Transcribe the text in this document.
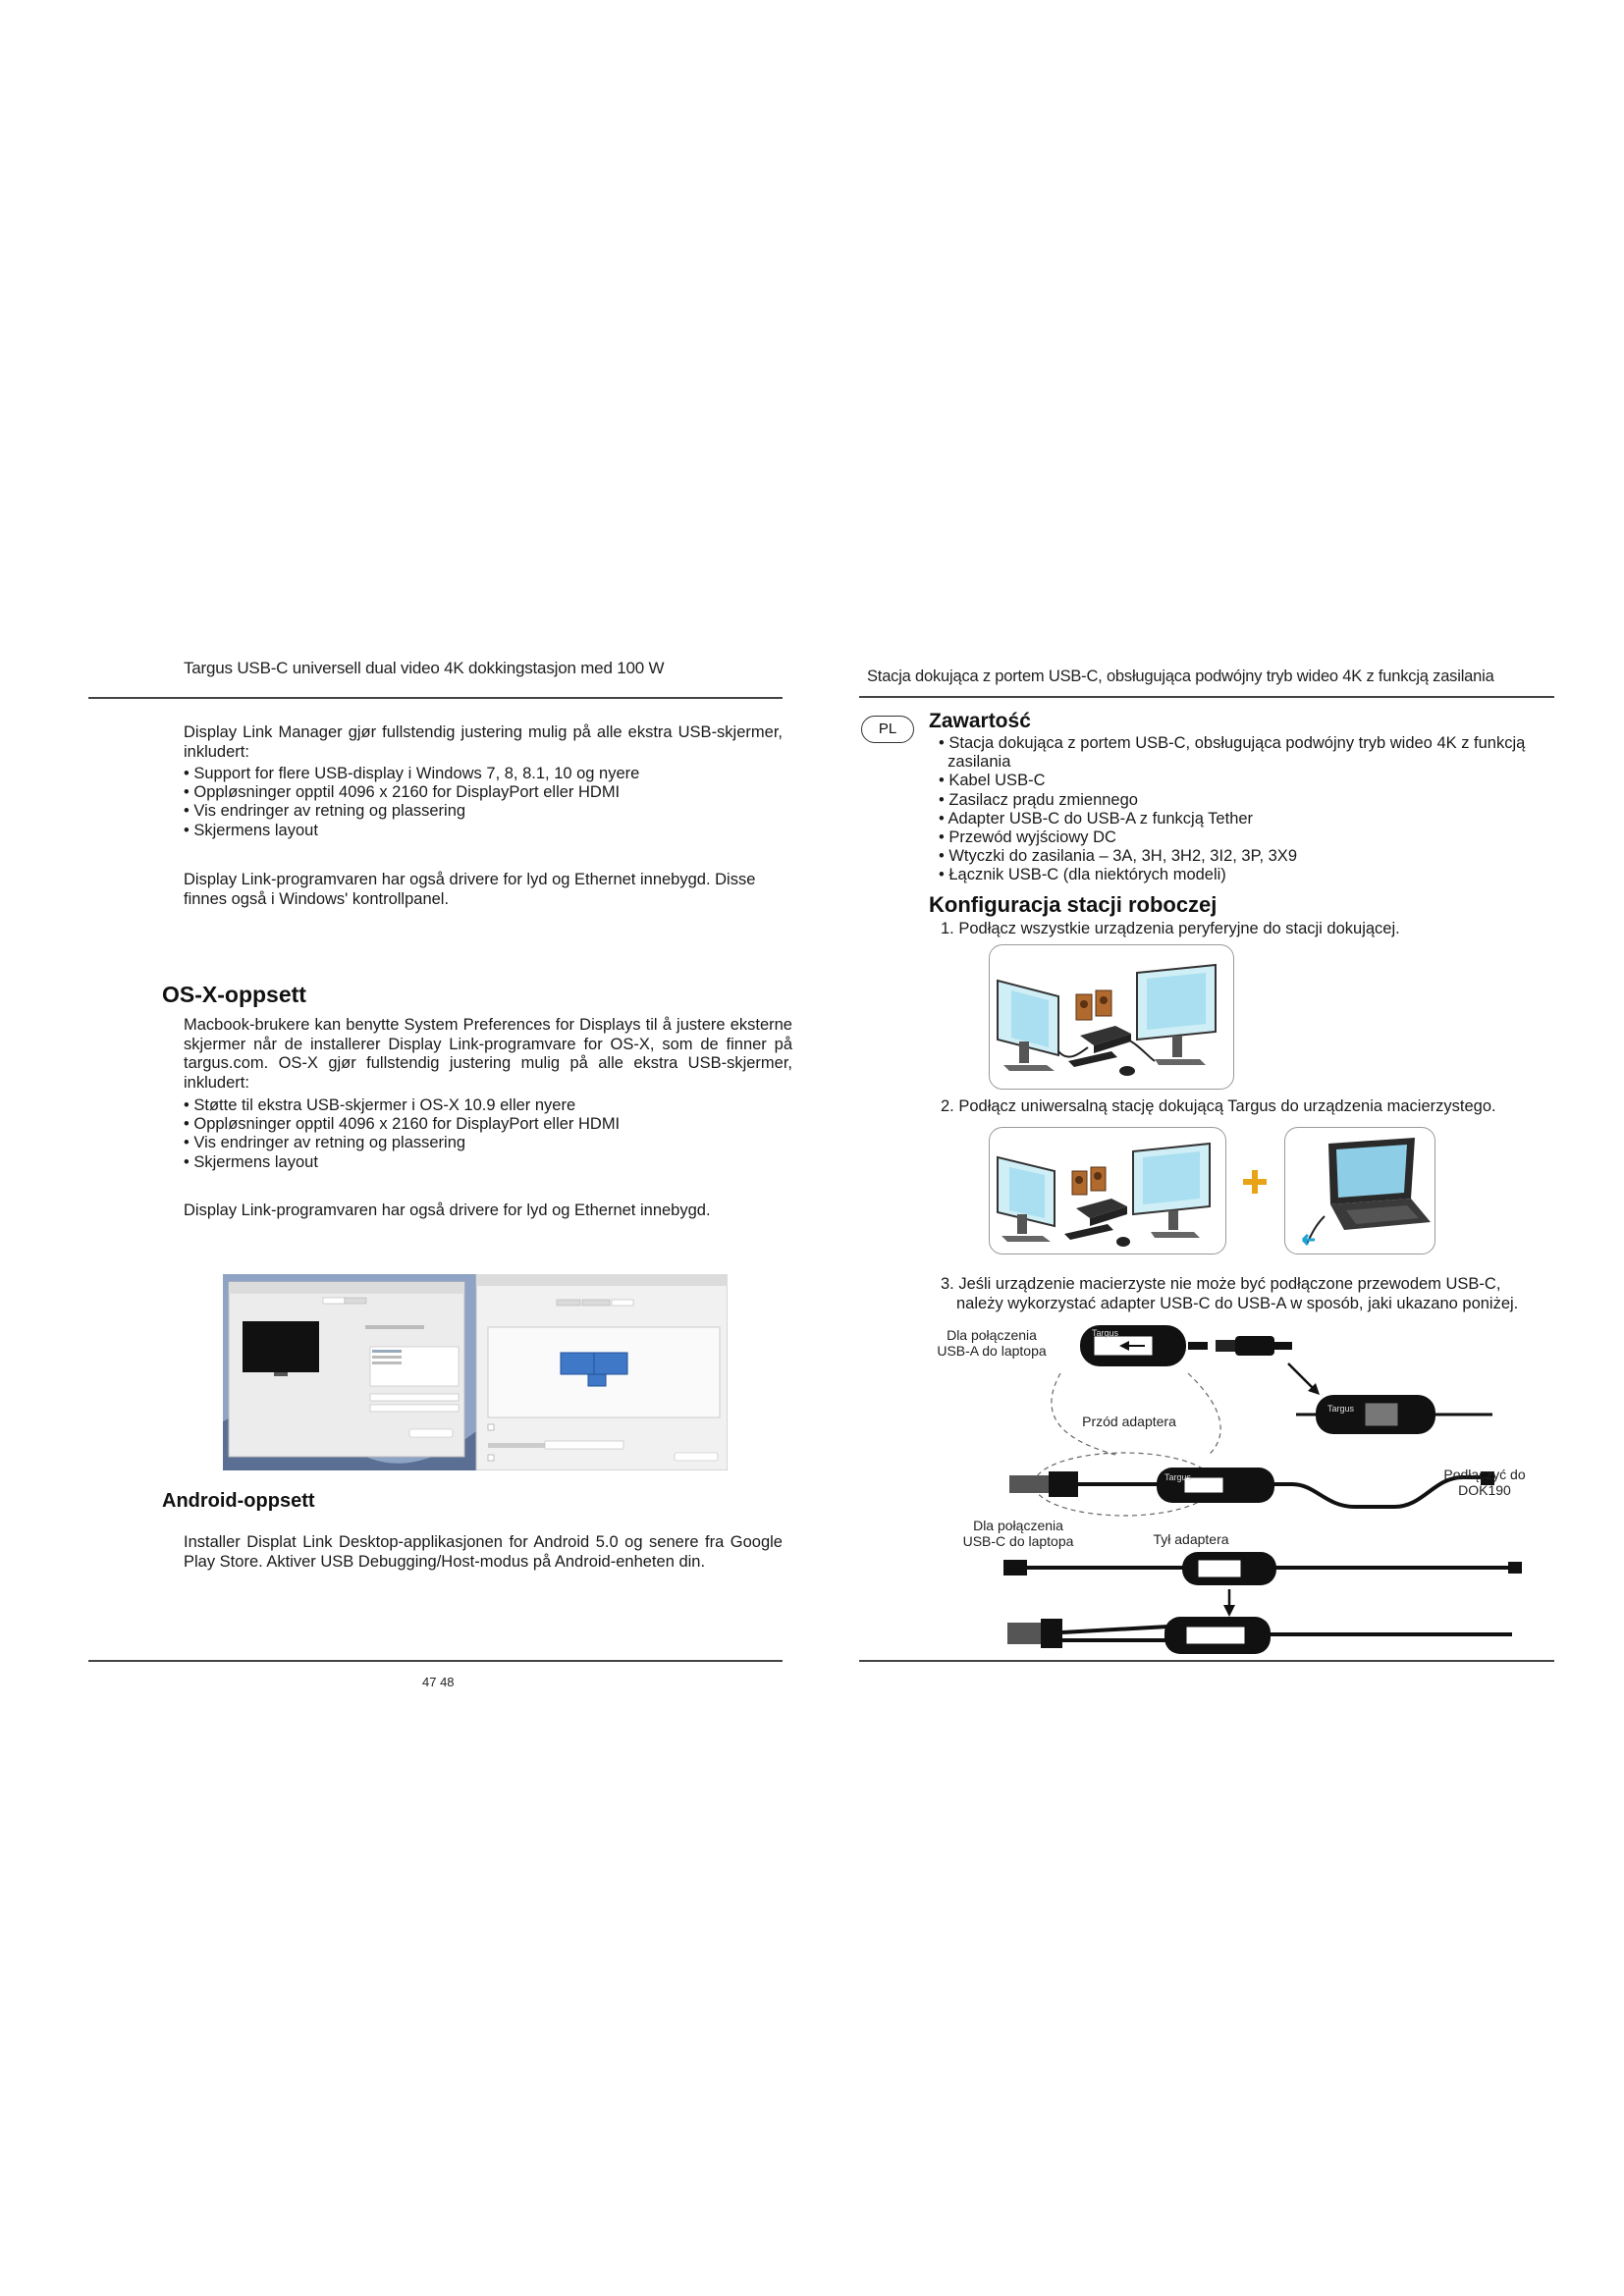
Targus USB-C universell dual video 4K dokkingstasjon med 100 W
Display Link Manager gjør fullstendig justering mulig på alle ekstra USB-skjermer, inkludert:
• Support for flere USB-display i Windows 7, 8, 8.1, 10 og nyere
• Oppløsninger opptil 4096 x 2160 for DisplayPort eller HDMI
• Vis endringer av retning og plassering
• Skjermens layout
Display Link-programvaren har også drivere for lyd og Ethernet innebygd. Disse finnes også i Windows' kontrollpanel.
OS-X-oppsett
Macbook-brukere kan benytte System Preferences for Displays til å justere eksterne skjermer når de installerer Display Link-programvare for OS-X, som de finner på targus.com. OS-X gjør fullstendig justering mulig på alle ekstra USB-skjermer, inkludert:
• Støtte til ekstra USB-skjermer i OS-X 10.9 eller nyere
• Oppløsninger opptil 4096 x 2160 for DisplayPort eller HDMI
• Vis endringer av retning og plassering
• Skjermens layout
Display Link-programvaren har også drivere for lyd og Ethernet innebygd.
Android-oppsett
Installer Displat Link Desktop-applikasjonen for Android 5.0 og senere fra Google Play Store. Aktiver USB Debugging/Host-modus på Android-enheten din.
47 48
Stacja dokująca z portem USB-C, obsługująca podwójny tryb wideo 4K z funkcją zasilania
PL	Zawartość
• Stacja dokująca z portem USB-C, obsługująca podwójny tryb wideo 4K z funkcją
zasilania
• Kabel USB-C
• Zasilacz prądu zmiennego
• Adapter USB-C do USB-A z funkcją Tether
• Przewód wyjściowy DC
• Wtyczki do zasilania – 3A, 3H, 3H2, 3I2, 3P, 3X9
• Łącznik USB-C (dla niektórych modeli)
Konfiguracja stacji roboczej
1. Podłącz wszystkie urządzenia peryferyjne do stacji dokującej.
2. Podłącz uniwersalną stację dokującą Targus do urządzenia macierzystego.
3. Jeśli urządzenie macierzyste nie może być podłączone przewodem USB-C,
należy wykorzystać adapter USB-C do USB-A w sposób, jaki ukazano poniżej.
Targus
Targus
Targus
Dla połączenia
USB-A do laptopa
Przód adaptera
Podłączyć do
DOK190
Dla połączenia
USB-C do laptopa	Tył adaptera
